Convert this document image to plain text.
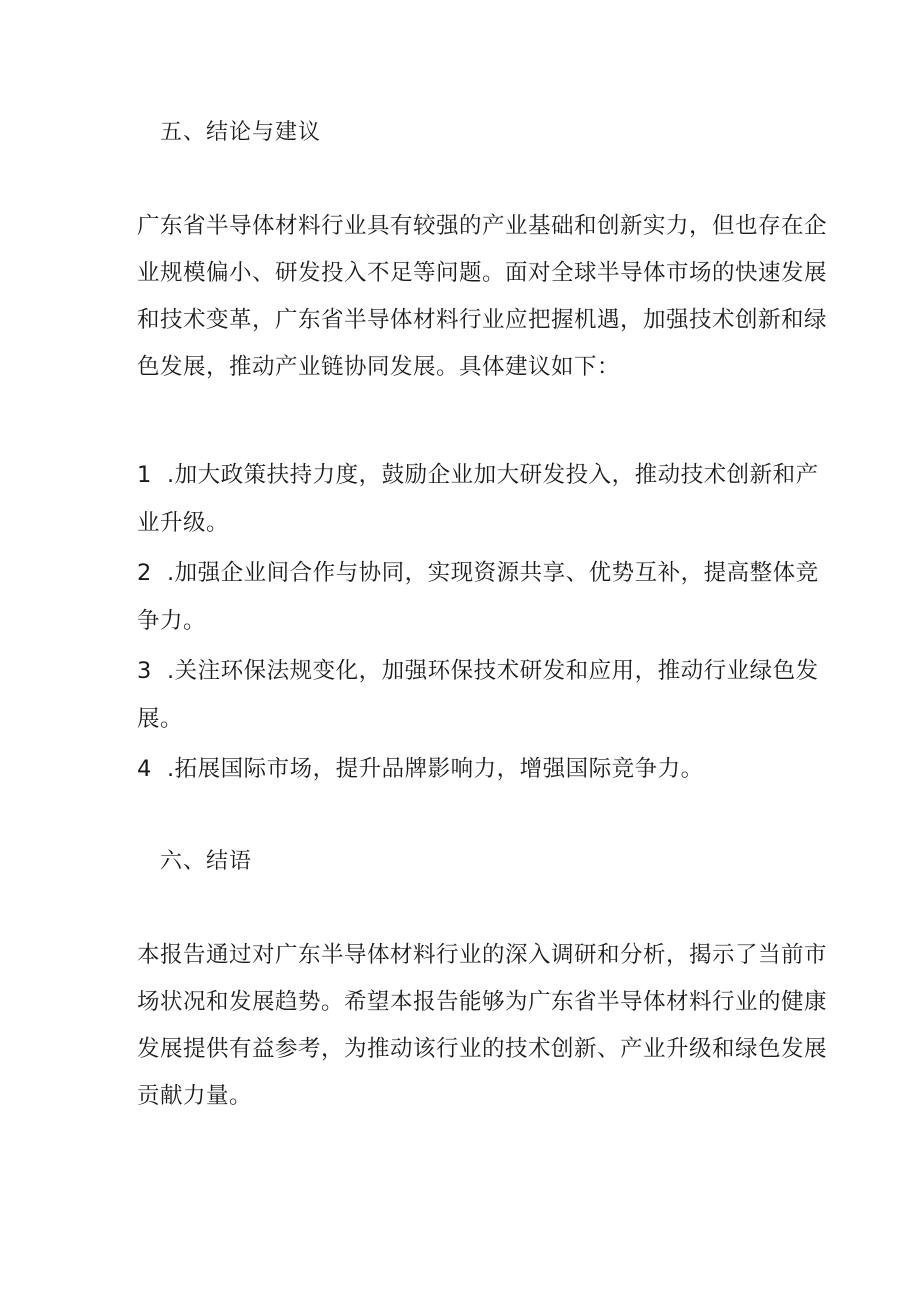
五、结论与建议
广东省半导体材料行业具有较强的产业基础和创新实力，但也存在企
业规模偏小、研发投入不足等问题。面对全球半导体市场的快速发展
和技术变革，广东省半导体材料行业应把握机遇，加强技术创新和绿
色发展，推动产业链协同发展。具体建议如下：
1 .加大政策扶持力度，鼓励企业加大研发投入，推动技术创新和产
业升级。
2 .加强企业间合作与协同，实现资源共享、优势互补，提高整体竞
争力。
3 .关注环保法规变化，加强环保技术研发和应用，推动行业绿色发
展。
4 .拓展国际市场，提升品牌影响力，增强国际竞争力。
六、结语
本报告通过对广东半导体材料行业的深入调研和分析，揭示了当前市
场状况和发展趋势。希望本报告能够为广东省半导体材料行业的健康
发展提供有益参考，为推动该行业的技术创新、产业升级和绿色发展
贡献力量。
